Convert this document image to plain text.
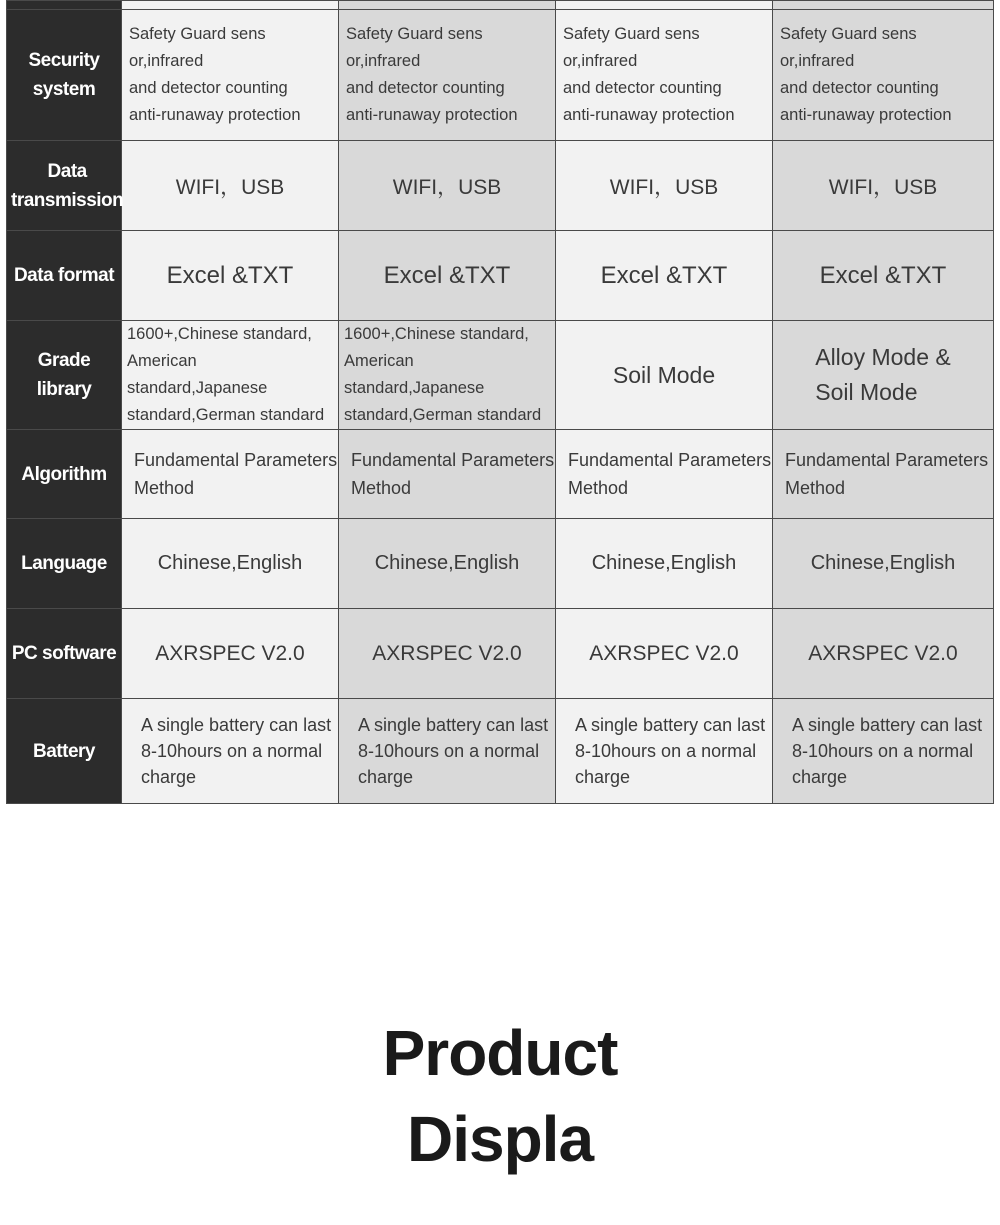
Security
system	Safety Guard sens or,infrared
and detector counting
anti-runaway protection	Safety Guard sens or,infrared
and detector counting
anti-runaway protection	Safety Guard sens or,infrared
and detector counting
anti-runaway protection	Safety Guard sens or,infrared
and detector counting
anti-runaway protection
Data
transmission	WIFI，USB	WIFI，USB	WIFI，USB	WIFI，USB
Data format	Excel &TXT	Excel &TXT	Excel &TXT	Excel &TXT
Grade
library	1600+,Chinese standard,
American standard,Japanese
standard,German standard	1600+,Chinese standard,
American standard,Japanese
standard,German standard	Soil Mode	Alloy Mode &
Soil Mode
Algorithm	Fundamental Parameters
Method	Fundamental Parameters
Method	Fundamental Parameters
Method	Fundamental Parameters
Method
Language	Chinese,English	Chinese,English	Chinese,English	Chinese,English
PC software	AXRSPEC V2.0	AXRSPEC V2.0	AXRSPEC V2.0	AXRSPEC V2.0
Battery	A single battery can last
8-10hours on a normal
charge	A single battery can last
8-10hours on a normal
charge	A single battery can last
8-10hours on a normal
charge	A single battery can last
8-10hours on a normal
charge
Product
Displa
